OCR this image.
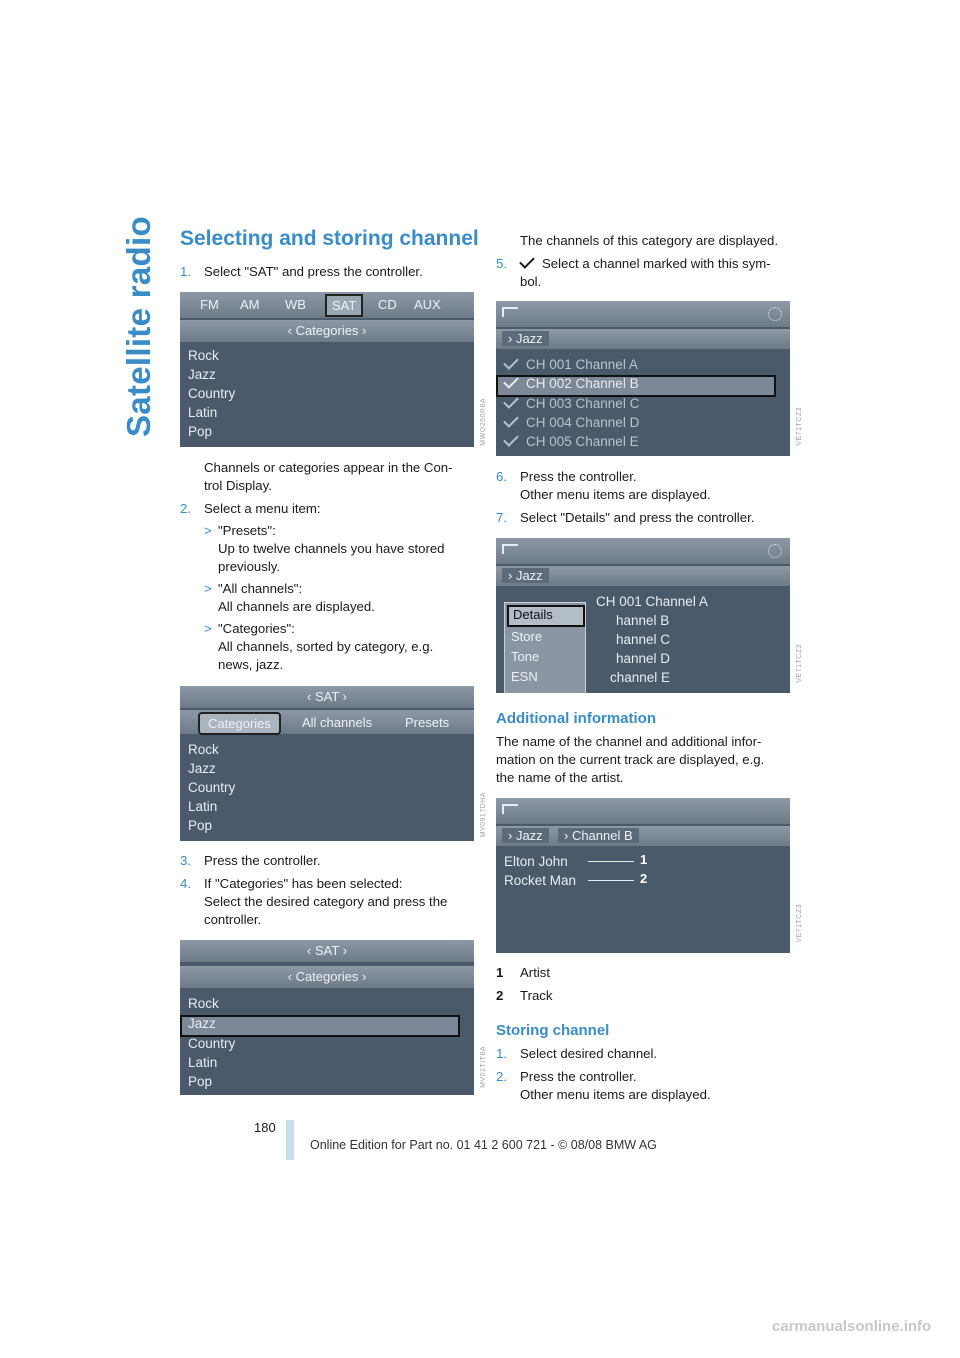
Satellite radio Selecting and storing channel
1. Select "SAT" and press the controller.
FM AM WB	SAT	CD AUX
‹ Categories ›
Rock
Jazz
Country
Latin
Pop	MWO250R8A
Channels or categories appear in the Con-
trol Display.
2. Select a menu item:
> "Presets":
Up to twelve channels you have stored
previously.
> "All channels":
All channels are displayed.
> "Categories":
All channels, sorted by category, e.g.
news, jazz.
‹ SAT ›
Categories	All channels	Presets
Rock
Jazz
Country
Latin
Pop	MV0917DHA
3. Press the controller.
4. If "Categories" has been selected:
Select the desired category and press the
controller.
‹ SAT ›
‹ Categories ›
Rock
Jazz
Country
Latin
Pop	MV01TIT8A
The channels of this category are displayed.
5.	Select a channel marked with this sym-
bol.
› Jazz
CH 001 Channel A
CH 002 Channel B
CH 003 Channel C
CH 004 Channel D
CH 005 Channel E	VE71TCZ3
6. Press the controller.
Other menu items are displayed.
7. Select "Details" and press the controller.
› Jazz
CH 001 Channel A
hannel B
hannel C
hannel D
channel E
Details
Store
Tone
ESN	VE71TCZ3
Additional information
The name of the channel and additional infor-
mation on the current track are displayed, e.g.
the name of the artist.
› Jazz	› Channel B
Elton John
Rocket Man
1
2
VE71TCZ3
1 Artist
2 Track
Storing channel
1. Select desired channel.
2. Press the controller.
Other menu items are displayed.
180
Online Edition for Part no. 01 41 2 600 721 - © 08/08 BMW AG
carmanualsonline.info
